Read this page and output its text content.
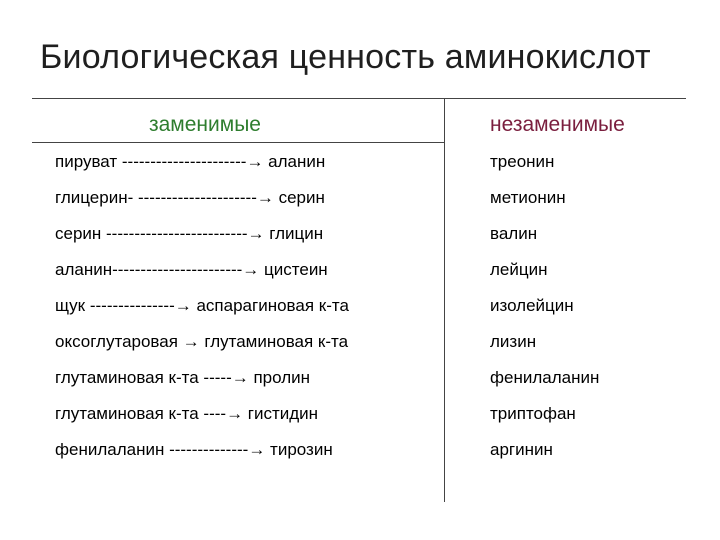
Биологическая ценность аминокислот
заменимые	незаменимые
пируват ----------------------→ аланин
глицерин- ---------------------→ серин
серин -------------------------→ глицин
аланин-----------------------→ цистеин
щук ---------------→ аспарагиновая к-та
оксоглутаровая → глутаминовая к-та
глутаминовая к-та -----→ пролин
глутаминовая к-та ----→ гистидин
фенилаланин --------------→ тирозин
треонин
метионин
валин
лейцин
изолейцин
лизин
фенилаланин
триптофан
аргинин
